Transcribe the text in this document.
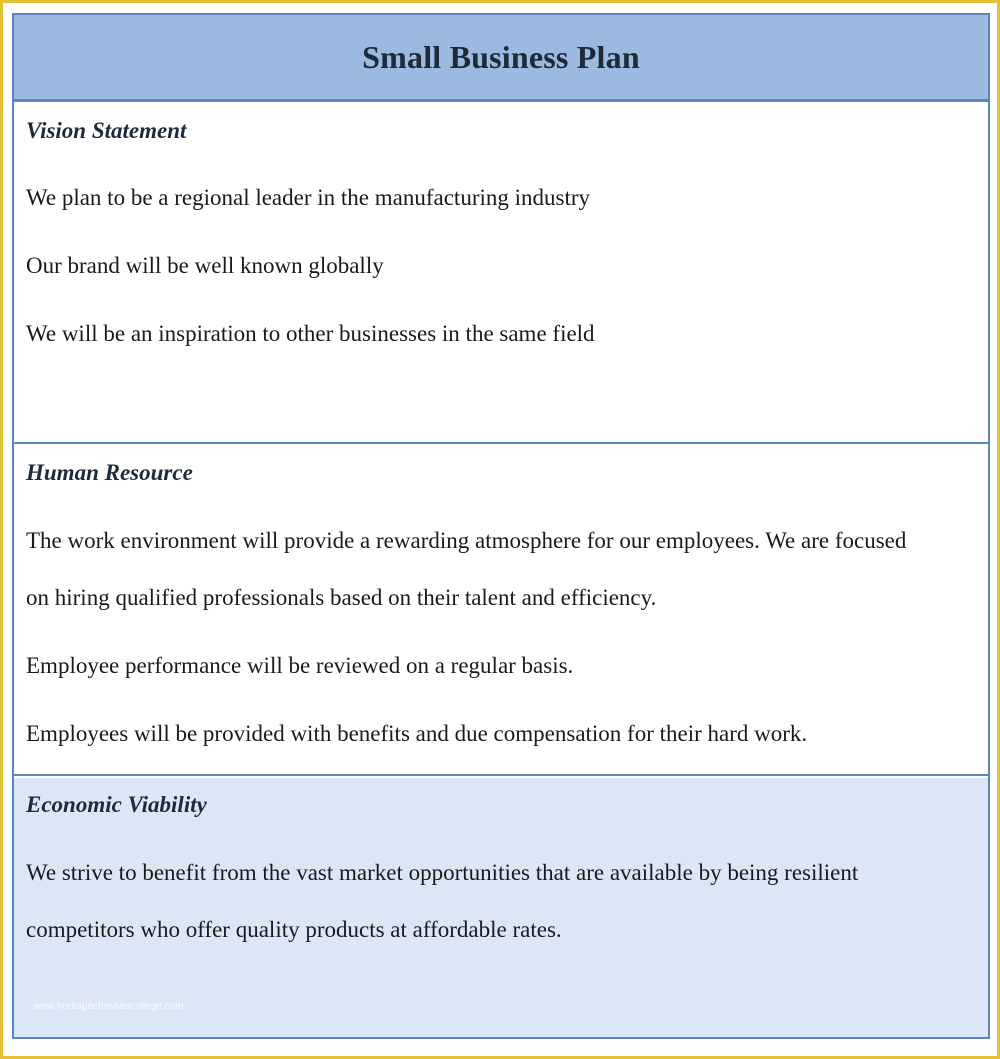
Small Business Plan
Vision Statement
We plan to be a regional leader in the manufacturing industry
Our brand will be well known globally
We will be an inspiration to other businesses in the same field
Human Resource
The work environment will provide a rewarding atmosphere for our employees. We are focused
on hiring qualified professionals based on their talent and efficiency.
Employee performance will be reviewed on a regular basis.
Employees will be provided with benefits and due compensation for their hard work.
Economic Viability
We strive to benefit from the vast market opportunities that are available by being resilient
competitors who offer quality products at affordable rates.
www.heritagechristiancollege.com
